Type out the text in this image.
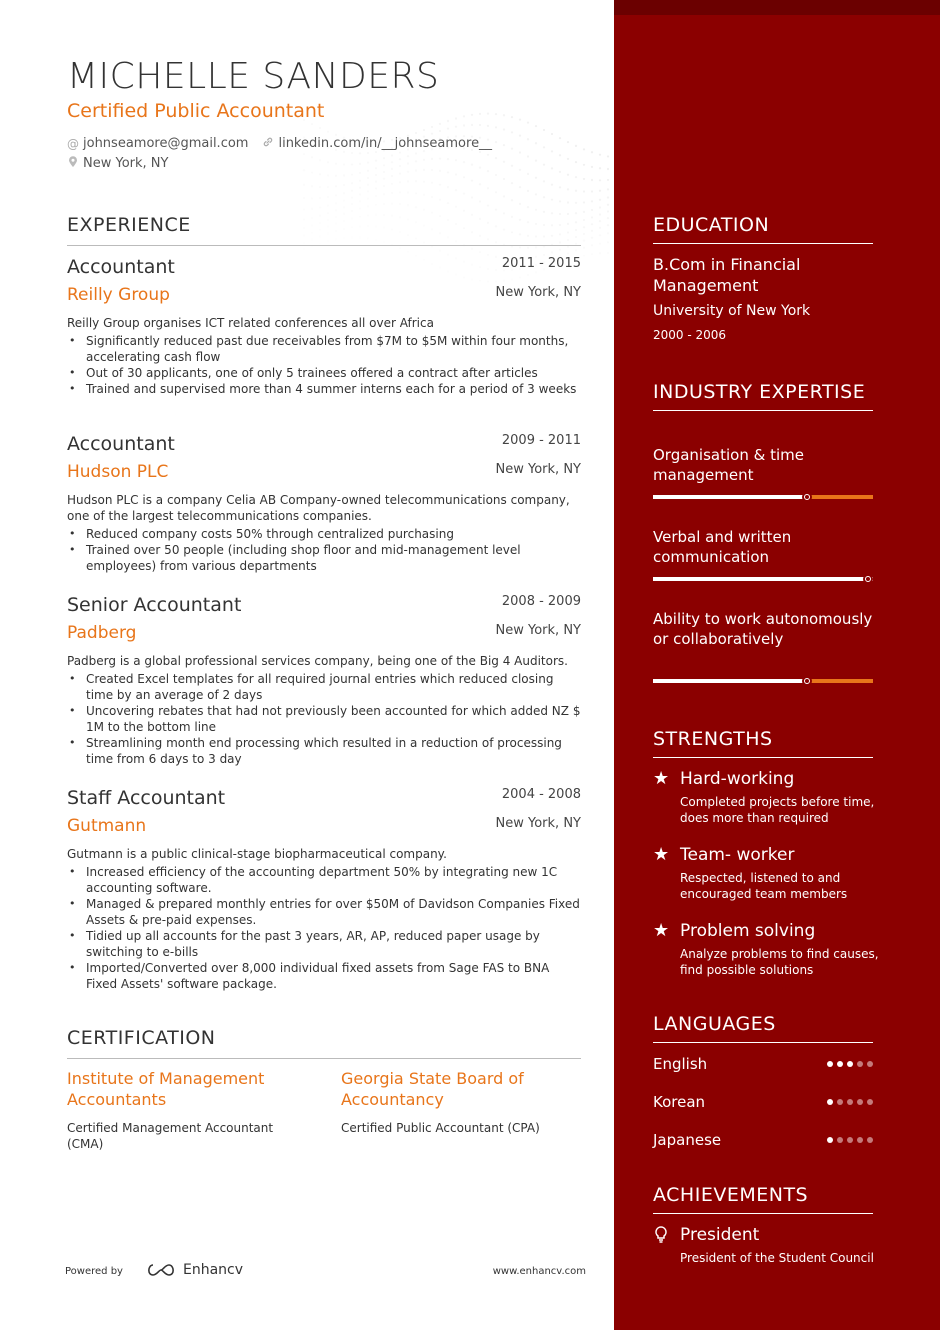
MICHELLE SANDERS
Certified Public Accountant
@ johnseamore@gmail.com linkedin.com/in/__johnseamore__
New York, NY
EXPERIENCE
Accountant	2011 - 2015
Reilly Group	New York, NY
Reilly Group organises ICT related conferences all over Africa
• Significantly reduced past due receivables from $7M to $5M within four months, accelerating cash flow
• Out of 30 applicants, one of only 5 trainees offered a contract after articles
• Trained and supervised more than 4 summer interns each for a period of 3 weeks
Accountant	2009 - 2011
Hudson PLC	New York, NY
Hudson PLC is a company Celia AB Company-owned telecommunications company, one of the largest telecommunications companies.
• Reduced company costs 50% through centralized purchasing
• Trained over 50 people (including shop floor and mid-management level employees) from various departments
Senior Accountant	2008 - 2009
Padberg	New York, NY
Padberg is a global professional services company, being one of the Big 4 Auditors.
• Created Excel templates for all required journal entries which reduced closing time by an average of 2 days
• Uncovering rebates that had not previously been accounted for which added NZ $ 1M to the bottom line
• Streamlining month end processing which resulted in a reduction of processing time from 6 days to 3 day
Staff Accountant	2004 - 2008
Gutmann	New York, NY
Gutmann is a public clinical-stage biopharmaceutical company.
• Increased efficiency of the accounting department 50% by integrating new 1C accounting software.
• Managed & prepared monthly entries for over $50M of Davidson Companies Fixed Assets & pre-paid expenses.
• Tidied up all accounts for the past 3 years, AR, AP, reduced paper usage by switching to e-bills
• Imported/Converted over 8,000 individual fixed assets from Sage FAS to BNA Fixed Assets' software package.
CERTIFICATION
Institute of Management Accountants
Certified Management Accountant (CMA)
Georgia State Board of Accountancy
Certified Public Accountant (CPA)
Powered by	Enhancv	www.enhancv.com
EDUCATION
B.Com in Financial Management
University of New York
2000 - 2006
INDUSTRY EXPERTISE
Organisation & time management
Verbal and written communication
Ability to work autonomously or collaboratively
STRENGTHS
★ Hard-working
Completed projects before time, does more than required
★ Team- worker
Respected, listened to and encouraged team members
★ Problem solving
Analyze problems to find causes, find possible solutions
LANGUAGES
English
Korean
Japanese
ACHIEVEMENTS
President
President of the Student Council
